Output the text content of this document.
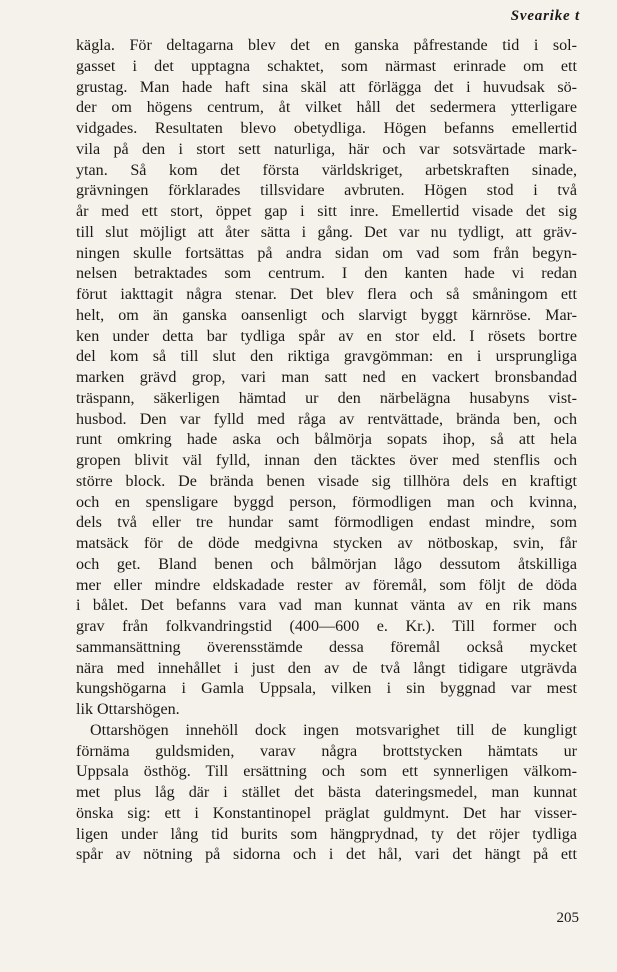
Svearike t
kägla. För deltagarna blev det en ganska påfrestande tid i sol-
gasset i det upptagna schaktet, som närmast erinrade om ett
grustag. Man hade haft sina skäl att förlägga det i huvudsak sö-
der om högens centrum, åt vilket håll det sedermera ytterligare
vidgades. Resultaten blevo obetydliga. Högen befanns emellertid
vila på den i stort sett naturliga, här och var sotsvärtade mark-
ytan. Så kom det första världskriget, arbetskraften sinade,
grävningen förklarades tillsvidare avbruten. Högen stod i två
år med ett stort, öppet gap i sitt inre. Emellertid visade det sig
till slut möjligt att åter sätta i gång. Det var nu tydligt, att gräv-
ningen skulle fortsättas på andra sidan om vad som från begyn-
nelsen betraktades som centrum. I den kanten hade vi redan
förut iakttagit några stenar. Det blev flera och så småningom ett
helt, om än ganska oansenligt och slarvigt byggt kärnröse. Mar-
ken under detta bar tydliga spår av en stor eld. I rösets bortre
del kom så till slut den riktiga gravgömman: en i ursprungliga
marken grävd grop, vari man satt ned en vackert bronsbandad
träspann, säkerligen hämtad ur den närbelägna husabyns vist-
husbod. Den var fylld med råga av rentvättade, brända ben, och
runt omkring hade aska och bålmörja sopats ihop, så att hela
gropen blivit väl fylld, innan den täcktes över med stenflis och
större block. De brända benen visade sig tillhöra dels en kraftigt
och en spensligare byggd person, förmodligen man och kvinna,
dels två eller tre hundar samt förmodligen endast mindre, som
matsäck för de döde medgivna stycken av nötboskap, svin, får
och get. Bland benen och bålmörjan lågo dessutom åtskilliga
mer eller mindre eldskadade rester av föremål, som följt de döda
i bålet. Det befanns vara vad man kunnat vänta av en rik mans
grav från folkvandringstid (400—600 e. Kr.). Till former och
sammansättning överensstämde dessa föremål också mycket
nära med innehållet i just den av de två långt tidigare utgrävda
kungshögarna i Gamla Uppsala, vilken i sin byggnad var mest
lik Ottarshögen.
Ottarshögen innehöll dock ingen motsvarighet till de kungligt
förnäma guldsmiden, varav några brottstycken hämtats ur
Uppsala östhög. Till ersättning och som ett synnerligen välkom-
met plus låg där i stället det bästa dateringsmedel, man kunnat
önska sig: ett i Konstantinopel präglat guldmynt. Det har visser-
ligen under lång tid burits som hängprydnad, ty det röjer tydliga
spår av nötning på sidorna och i det hål, vari det hängt på ett
205
